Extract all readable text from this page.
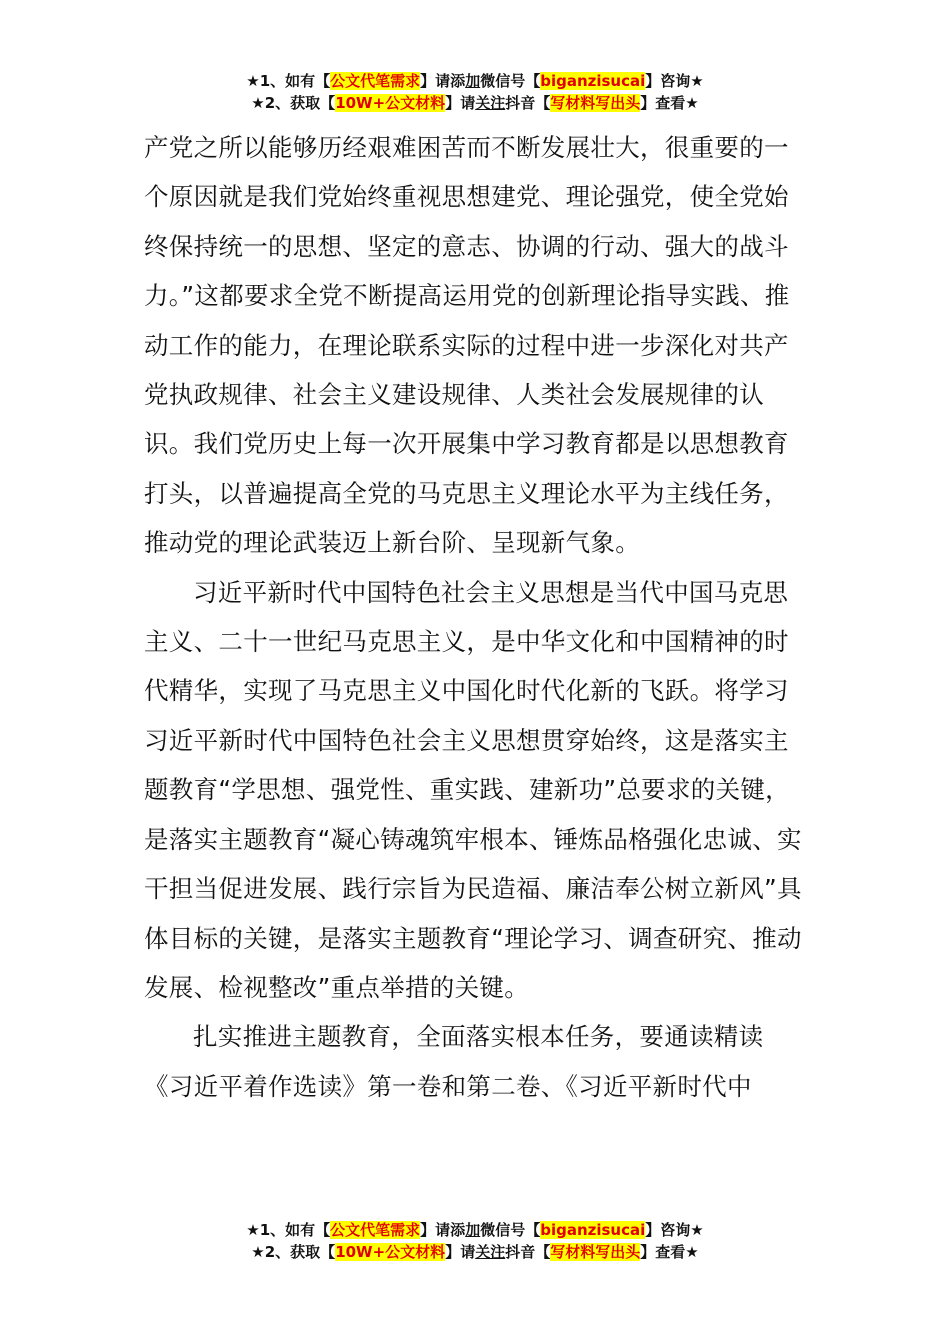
★1、如有【公文代笔需求】请添加微信号【biganzisucai】咨询★
★2、获取【10W+公文材料】请关注抖音【写材料写出头】查看★

产党之所以能够历经艰难困苦而不断发展壮大，很重要的一个原因就是我们党始终重视思想建党、理论强党，使全党始终保持统一的思想、坚定的意志、协调的行动、强大的战斗力。”这都要求全党不断提高运用党的创新理论指导实践、推动工作的能力，在理论联系实际的过程中进一步深化对共产党执政规律、社会主义建设规律、人类社会发展规律的认识。我们党历史上每一次开展集中学习教育都是以思想教育打头，以普遍提高全党的马克思主义理论水平为主线任务，推动党的理论武装迈上新台阶、呈现新气象。

习近平新时代中国特色社会主义思想是当代中国马克思主义、二十一世纪马克思主义，是中华文化和中国精神的时代精华，实现了马克思主义中国化时代化新的飞跃。将学习习近平新时代中国特色社会主义思想贯穿始终，这是落实主题教育“学思想、强党性、重实践、建新功”总要求的关键，是落实主题教育“凝心铸魂筑牢根本、锤炼品格强化忠诚、实干担当促进发展、践行宗旨为民造福、廉洁奉公树立新风”具体目标的关键，是落实主题教育“理论学习、调查研究、推动发展、检视整改”重点举措的关键。

扎实推进主题教育，全面落实根本任务，要通读精读《习近平着作选读》第一卷和第二卷、《习近平新时代中

★1、如有【公文代笔需求】请添加微信号【biganzisucai】咨询★
★2、获取【10W+公文材料】请关注抖音【写材料写出头】查看★
